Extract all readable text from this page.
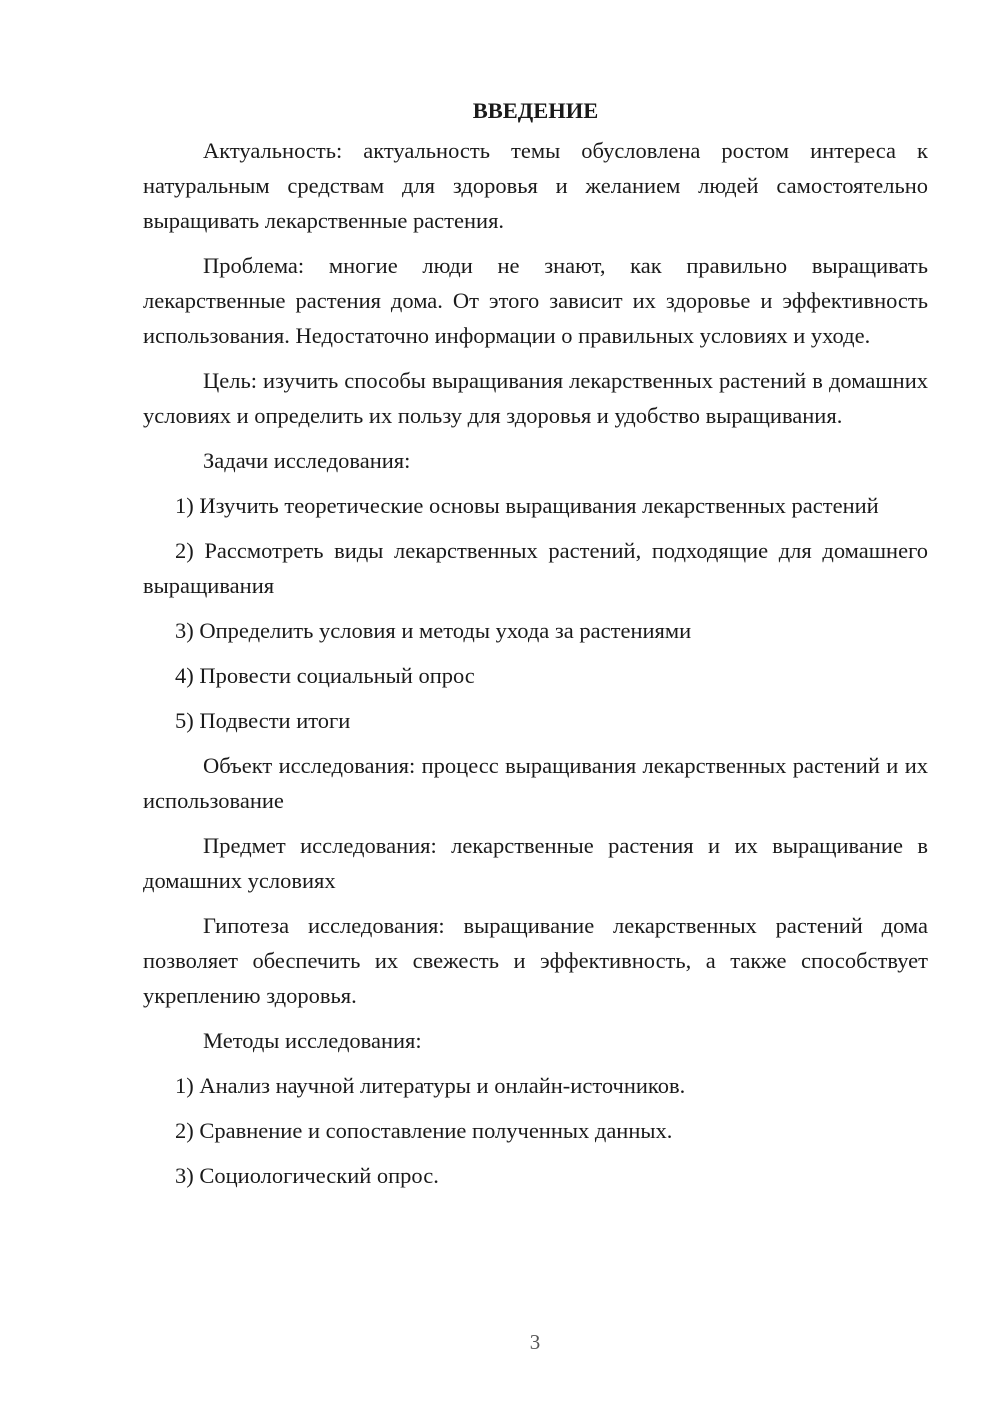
ВВЕДЕНИЕ

Актуальность: актуальность темы обусловлена ростом интереса к натуральным средствам для здоровья и желанием людей самостоятельно выращивать лекарственные растения.

Проблема: многие люди не знают, как правильно выращивать лекарственные растения дома. От этого зависит их здоровье и эффективность использования. Недостаточно информации о правильных условиях и уходе.

Цель: изучить способы выращивания лекарственных растений в домашних условиях и определить их пользу для здоровья и удобство выращивания.

Задачи исследования:

1) Изучить теоретические основы выращивания лекарственных растений

2) Рассмотреть виды лекарственных растений, подходящие для домашнего выращивания

3) Определить условия и методы ухода за растениями

4) Провести социальный опрос

5) Подвести итоги

Объект исследования: процесс выращивания лекарственных растений и их использование

Предмет исследования: лекарственные растения и их выращивание в домашних условиях

Гипотеза исследования: выращивание лекарственных растений дома позволяет обеспечить их свежесть и эффективность, а также способствует укреплению здоровья.

Методы исследования:

1) Анализ научной литературы и онлайн-источников.

2) Сравнение и сопоставление полученных данных.

3) Социологический опрос.

3
